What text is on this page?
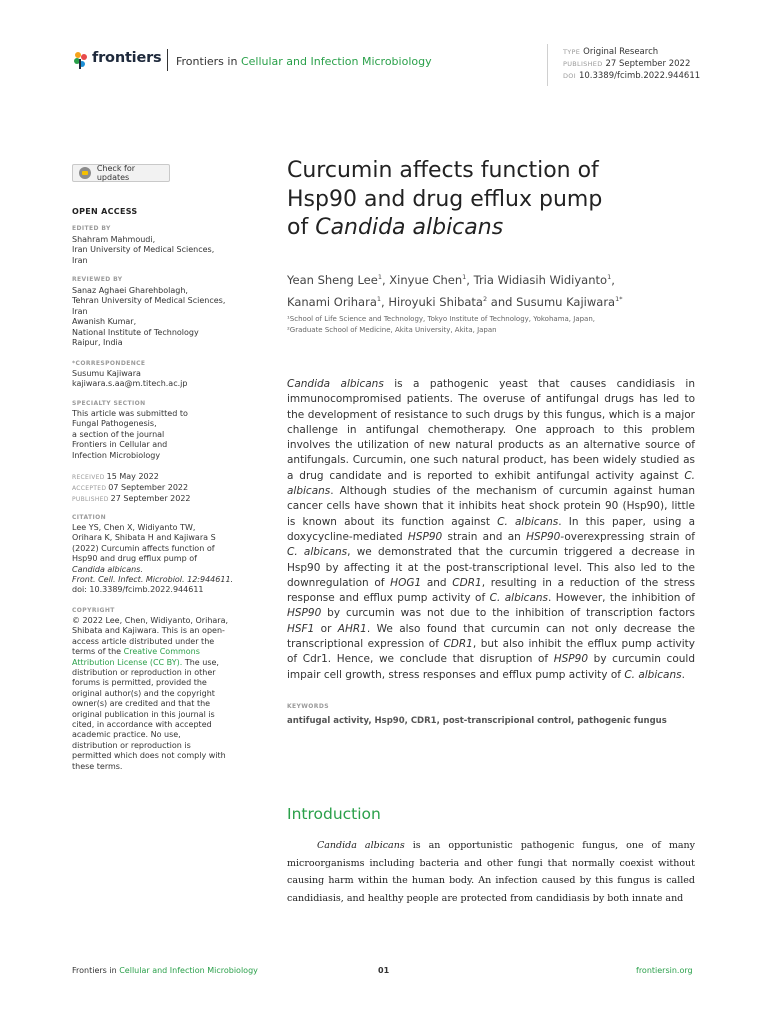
frontiers Frontiers in Cellular and Infection Microbiology
TYPE Original Research
PUBLISHED 27 September 2022
DOI 10.3389/fcimb.2022.944611
Check for updates
OPEN ACCESS
EDITED BY
Shahram Mahmoudi,
Iran University of Medical Sciences,
Iran
REVIEWED BY
Sanaz Aghaei Gharehbolagh,
Tehran University of Medical Sciences,
Iran
Awanish Kumar,
National Institute of Technology
Raipur, India
*CORRESPONDENCE
Susumu Kajiwara
kajiwara.s.aa@m.titech.ac.jp
SPECIALTY SECTION
This article was submitted to
Fungal Pathogenesis,
a section of the journal
Frontiers in Cellular and
Infection Microbiology
RECEIVED 15 May 2022
ACCEPTED 07 September 2022
PUBLISHED 27 September 2022
CITATION
Lee YS, Chen X, Widiyanto TW,
Orihara K, Shibata H and Kajiwara S
(2022) Curcumin affects function of
Hsp90 and drug efflux pump of
Candida albicans.
Front. Cell. Infect. Microbiol. 12:944611.
doi: 10.3389/fcimb.2022.944611
COPYRIGHT
© 2022 Lee, Chen, Widiyanto, Orihara,
Shibata and Kajiwara. This is an open-
access article distributed under the
terms of the Creative Commons
Attribution License (CC BY). The use,
distribution or reproduction in other
forums is permitted, provided the
original author(s) and the copyright
owner(s) are credited and that the
original publication in this journal is
cited, in accordance with accepted
academic practice. No use,
distribution or reproduction is
permitted which does not comply with
these terms.
Curcumin affects function of
Hsp90 and drug efflux pump
of Candida albicans
Yean Sheng Lee$^1$, Xinyue Chen$^1$, Tria Widiasih Widiyanto$^1$,
Kanami Orihara$^1$, Hiroyuki Shibata$^2$ and Susumu Kajiwara$^{1*}$
¹School of Life Science and Technology, Tokyo Institute of Technology, Yokohama, Japan,
²Graduate School of Medicine, Akita University, Akita, Japan

Candida albicans is a pathogenic yeast that causes candidiasis in immunocompromised patients. The overuse of antifungal drugs has led to the development of resistance to such drugs by this fungus, which is a major challenge in antifungal chemotherapy. One approach to this problem involves the utilization of new natural products as an alternative source of antifungals. Curcumin, one such natural product, has been widely studied as a drug candidate and is reported to exhibit antifungal activity against C. albicans. Although studies of the mechanism of curcumin against human cancer cells have shown that it inhibits heat shock protein 90 (Hsp90), little is known about its function against C. albicans. In this paper, using a doxycycline-mediated HSP90 strain and an HSP90-overexpressing strain of C. albicans, we demonstrated that the curcumin triggered a decrease in Hsp90 by affecting it at the post-transcriptional level. This also led to the downregulation of HOG1 and CDR1, resulting in a reduction of the stress response and efflux pump activity of C. albicans. However, the inhibition of HSP90 by curcumin was not due to the inhibition of transcription factors HSF1 or AHR1. We also found that curcumin can not only decrease the transcriptional expression of CDR1, but also inhibit the efflux pump activity of Cdr1. Hence, we conclude that disruption of HSP90 by curcumin could impair cell growth, stress responses and efflux pump activity of C. albicans.

KEYWORDS
antifugal activity, Hsp90, CDR1, post-transcripional control, pathogenic fungus
Introduction

Candida albicans is an opportunistic pathogenic fungus, one of many microorganisms including bacteria and other fungi that normally coexist without causing harm within the human body. An infection caused by this fungus is called candidiasis, and healthy people are protected from candidiasis by both innate and

Frontiers in Cellular and Infection Microbiology	01	frontiersin.org
